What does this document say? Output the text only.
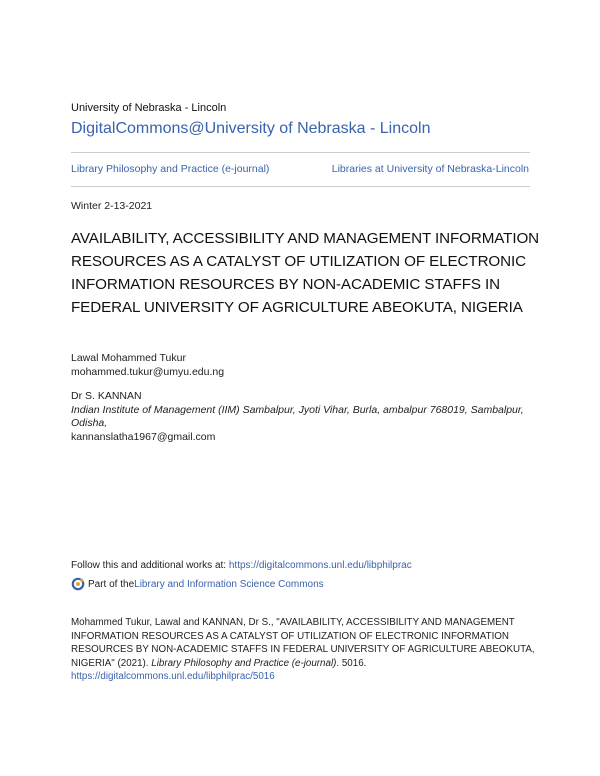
University of Nebraska - Lincoln
DigitalCommons@University of Nebraska - Lincoln
Library Philosophy and Practice (e-journal)	Libraries at University of Nebraska-Lincoln
Winter 2-13-2021
AVAILABILITY, ACCESSIBILITY AND MANAGEMENT INFORMATION RESOURCES AS A CATALYST OF UTILIZATION OF ELECTRONIC INFORMATION RESOURCES BY NON-ACADEMIC STAFFS IN FEDERAL UNIVERSITY OF AGRICULTURE ABEOKUTA, NIGERIA
Lawal Mohammed Tukur
mohammed.tukur@umyu.edu.ng
Dr S. KANNAN
Indian Institute of Management (IIM) Sambalpur, Jyoti Vihar, Burla, ambalpur 768019, Sambalpur, Odisha,
kannanslatha1967@gmail.com
Follow this and additional works at: https://digitalcommons.unl.edu/libphilprac
Part of the Library and Information Science Commons
Mohammed Tukur, Lawal and KANNAN, Dr S., "AVAILABILITY, ACCESSIBILITY AND MANAGEMENT INFORMATION RESOURCES AS A CATALYST OF UTILIZATION OF ELECTRONIC INFORMATION RESOURCES BY NON-ACADEMIC STAFFS IN FEDERAL UNIVERSITY OF AGRICULTURE ABEOKUTA, NIGERIA" (2021). Library Philosophy and Practice (e-journal). 5016.
https://digitalcommons.unl.edu/libphilprac/5016
